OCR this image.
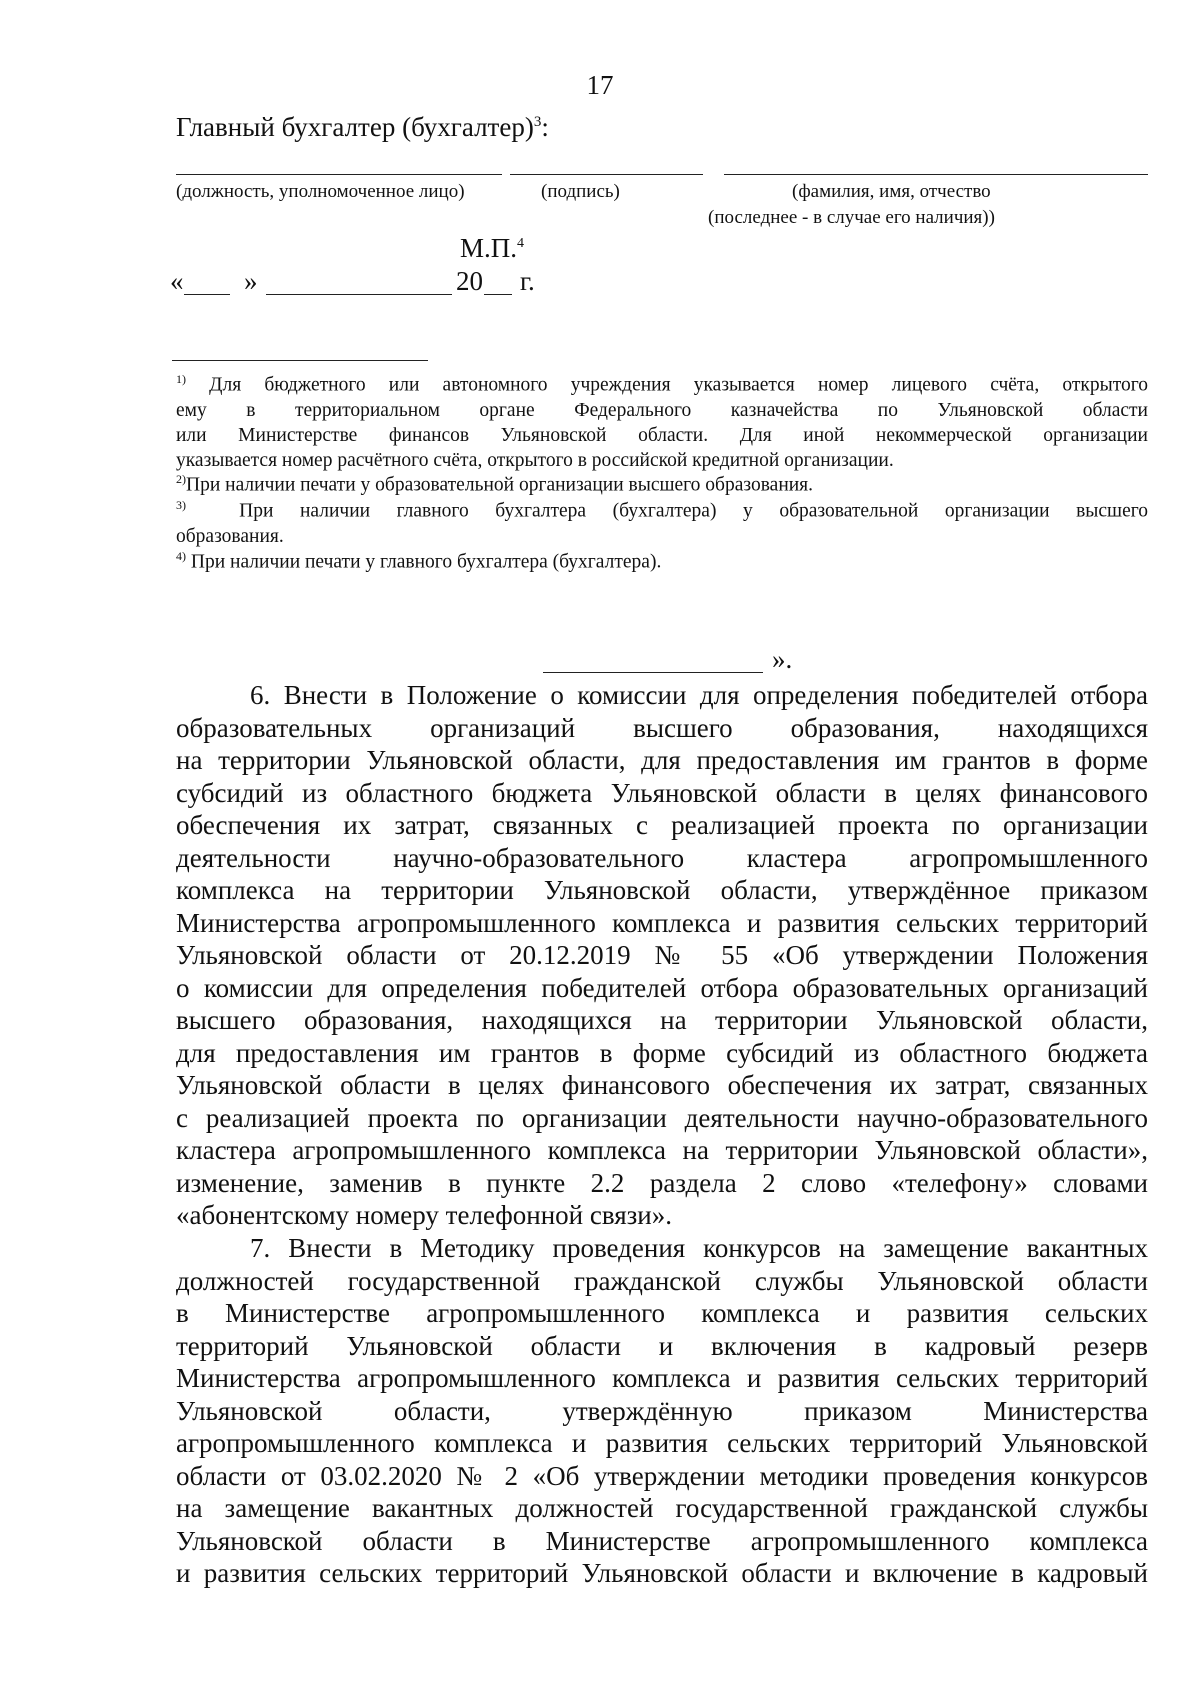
17
Главный бухгалтер (бухгалтер)$^3$:
(должность, уполномоченное лицо)	(подпись)	(фамилия, имя, отчество
(последнее - в случае его наличия))
М.П.$^4$
« »	20 г.
$^{1)}$ Для бюджетного или автономного учреждения указывается номер лицевого счёта, открытого
ему в территориальном органе Федерального казначейства по Ульяновской области
или Министерстве финансов Ульяновской области. Для иной некоммерческой организации
указывается номер расчётного счёта, открытого в российской кредитной организации.
$^{2)}$При наличии печати у образовательной организации высшего образования.
$^{3)}$	При наличии главного бухгалтера (бухгалтера) у образовательной организации высшего
образования.
$^{4)}$ При наличии печати у главного бухгалтера (бухгалтера).
».
6. Внести в Положение о комиссии для определения победителей отбора
образовательных организаций высшего образования, находящихся
на территории Ульяновской области, для предоставления им грантов в форме
субсидий из областного бюджета Ульяновской области в целях финансового
обеспечения их затрат, связанных с реализацией проекта по организации
деятельности научно-образовательного кластера агропромышленного
комплекса на территории Ульяновской области, утверждённое приказом
Министерства агропромышленного комплекса и развития сельских территорий
Ульяновской области от 20.12.2019 № 55 «Об утверждении Положения
о комиссии для определения победителей отбора образовательных организаций
высшего образования, находящихся на территории Ульяновской области,
для предоставления им грантов в форме субсидий из областного бюджета
Ульяновской области в целях финансового обеспечения их затрат, связанных
с реализацией проекта по организации деятельности научно-образовательного
кластера агропромышленного комплекса на территории Ульяновской области»,
изменение, заменив в пункте 2.2 раздела 2 слово «телефону» словами
«абонентскому номеру телефонной связи».
7. Внести в Методику проведения конкурсов на замещение вакантных
должностей государственной гражданской службы Ульяновской области
в Министерстве агропромышленного комплекса и развития сельских
территорий Ульяновской области и включения в кадровый резерв
Министерства агропромышленного комплекса и развития сельских территорий
Ульяновской области, утверждённую приказом Министерства
агропромышленного комплекса и развития сельских территорий Ульяновской
области от 03.02.2020 № 2 «Об утверждении методики проведения конкурсов
на замещение вакантных должностей государственной гражданской службы
Ульяновской области в Министерстве агропромышленного комплекса
и развития сельских территорий Ульяновской области и включение в кадровый
